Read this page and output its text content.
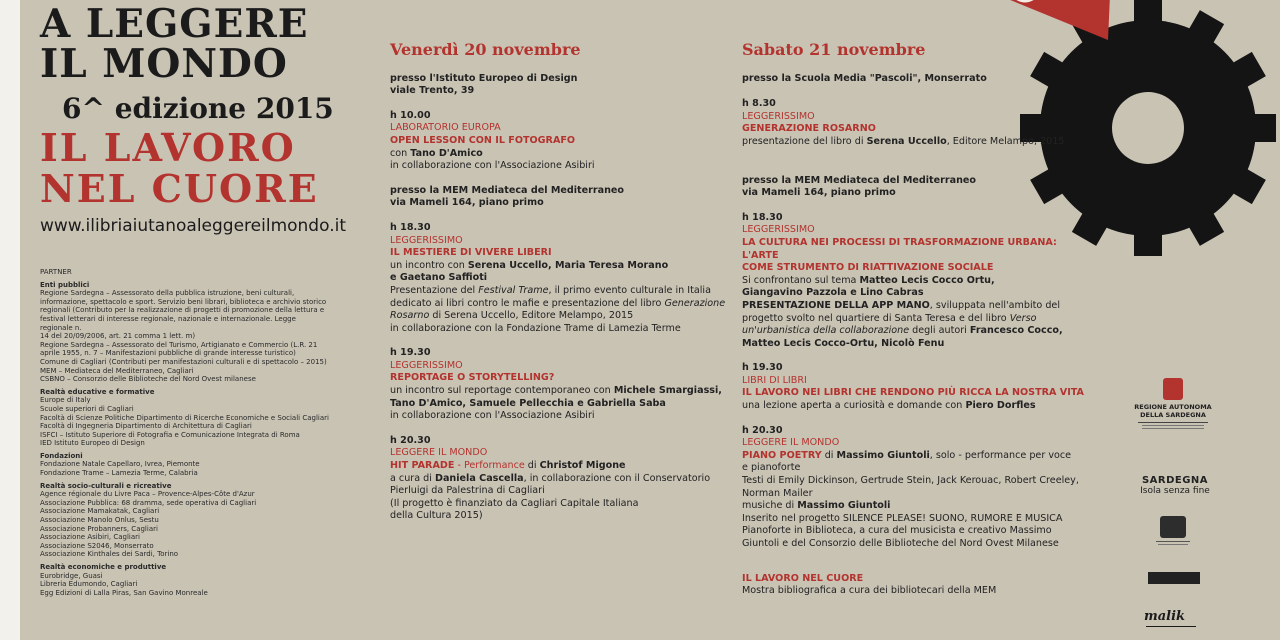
A LEGGERE
IL MONDO
6^ edizione 2015
IL LAVORO
NEL CUORE
www.ilibriaiutanoaleggereilmondo.it
PARTNER
Enti pubblici
Regione Sardegna – Assessorato della pubblica istruzione, beni culturali,
informazione, spettacolo e sport. Servizio beni librari, biblioteca e archivio storico
regionali (Contributo per la realizzazione di progetti di promozione della lettura e
festival letterari di interesse regionale, nazionale e internazionale. Legge regionale n.
14 del 20/09/2006, art. 21 comma 1 lett. m)
Regione Sardegna – Assessorato del Turismo, Artigianato e Commercio (L.R. 21
aprile 1955, n. 7 – Manifestazioni pubbliche di grande interesse turistico)
Comune di Cagliari (Contributi per manifestazioni culturali e di spettacolo – 2015)
MEM – Mediateca del Mediterraneo, Cagliari
CSBNO – Consorzio delle Biblioteche del Nord Ovest milanese
Realtà educative e formative
Europe di Italy
Scuole superiori di Cagliari
Facoltà di Scienze Politiche Dipartimento di Ricerche Economiche e Sociali Cagliari
Facoltà di Ingegneria Dipartimento di Architettura di Cagliari
ISFCI – Istituto Superiore di Fotografia e Comunicazione Integrata di Roma
IED Istituto Europeo di Design
Fondazioni
Fondazione Natale Capellaro, Ivrea, Piemonte
Fondazione Trame – Lamezia Terme, Calabria
Realtà socio-culturali e ricreative
Agence régionale du Livre Paca – Provence-Alpes-Côte d'Azur
Associazione Pubblica: 68 dramma, sede operativa di Cagliari
Associazione Mamakatak, Cagliari
Associazione Manolo Onlus, Sestu
Associazione Probanners, Cagliari
Associazione Asibiri, Cagliari
Associazione S2046, Monserrato
Associazione Kinthales dei Sardi, Torino
Realtà economiche e produttive
Eurobridge, Guasi
Libreria Edumondo, Cagliari
Egg Edizioni di Lalla Piras, San Gavino Monreale
Venerdì 20 novembre

presso l'Istituto Europeo di Design

viale Trento, 39

h 10.00

LABORATORIO EUROPA

OPEN LESSON CON IL FOTOGRAFO

con Tano D'Amico

in collaborazione con l'Associazione Asibiri

presso la MEM Mediateca del Mediterraneo

via Mameli 164, piano primo

h 18.30

LEGGERISSIMO

IL MESTIERE DI VIVERE LIBERI

un incontro con Serena Uccello, Maria Teresa Morano

e Gaetano Saffioti

Presentazione del Festival Trame, il primo evento culturale in Italia

dedicato ai libri contro le mafie e presentazione del libro Generazione

Rosarno di Serena Uccello, Editore Melampo, 2015

in collaborazione con la Fondazione Trame di Lamezia Terme

h 19.30

LEGGERISSIMO

REPORTAGE O STORYTELLING?

un incontro sul reportage contemporaneo con Michele Smargiassi,

Tano D'Amico, Samuele Pellecchia e Gabriella Saba

in collaborazione con l'Associazione Asibiri

h 20.30

LEGGERE IL MONDO

HIT PARADE - Performance di Christof Migone

a cura di Daniela Cascella, in collaborazione con il Conservatorio

Pierluigi da Palestrina di Cagliari

(Il progetto è finanziato da Cagliari Capitale Italiana

della Cultura 2015)

Sabato 21 novembre

presso la Scuola Media "Pascoli", Monserrato

h 8.30

LEGGERISSIMO

GENERAZIONE ROSARNO

presentazione del libro di Serena Uccello, Editore Melampo, 2015

presso la MEM Mediateca del Mediterraneo

via Mameli 164, piano primo

h 18.30

LEGGERISSIMO

LA CULTURA NEI PROCESSI DI TRASFORMAZIONE URBANA: L'ARTE

COME STRUMENTO DI RIATTIVAZIONE SOCIALE

Si confrontano sul tema Matteo Lecis Cocco Ortu,

Giangavino Pazzola e Lino Cabras

PRESENTAZIONE DELLA APP MANO, sviluppata nell'ambito del

progetto svolto nel quartiere di Santa Teresa e del libro Verso

un'urbanistica della collaborazione degli autori Francesco Cocco,

Matteo Lecis Cocco-Ortu, Nicolò Fenu

h 19.30

LIBRI DI LIBRI

IL LAVORO NEI LIBRI CHE RENDONO PIÙ RICCA LA NOSTRA VITA

una lezione aperta a curiosità e domande con Piero Dorfles

h 20.30

LEGGERE IL MONDO

PIANO POETRY di Massimo Giuntoli, solo - performance per voce

e pianoforte

Testi di Emily Dickinson, Gertrude Stein, Jack Kerouac, Robert Creeley,

Norman Mailer

musiche di Massimo Giuntoli

Inserito nel progetto SILENCE PLEASE! SUONO, RUMORE E MUSICA

Pianoforte in Biblioteca, a cura del musicista e creativo Massimo

Giuntoli e del Consorzio delle Biblioteche del Nord Ovest Milanese

IL LAVORO NEL CUORE

Mostra bibliografica a cura dei bibliotecari della MEM

REGIONE AUTONOMA
DELLA SARDEGNA
SARDEGNA
Isola senza fine
malik
